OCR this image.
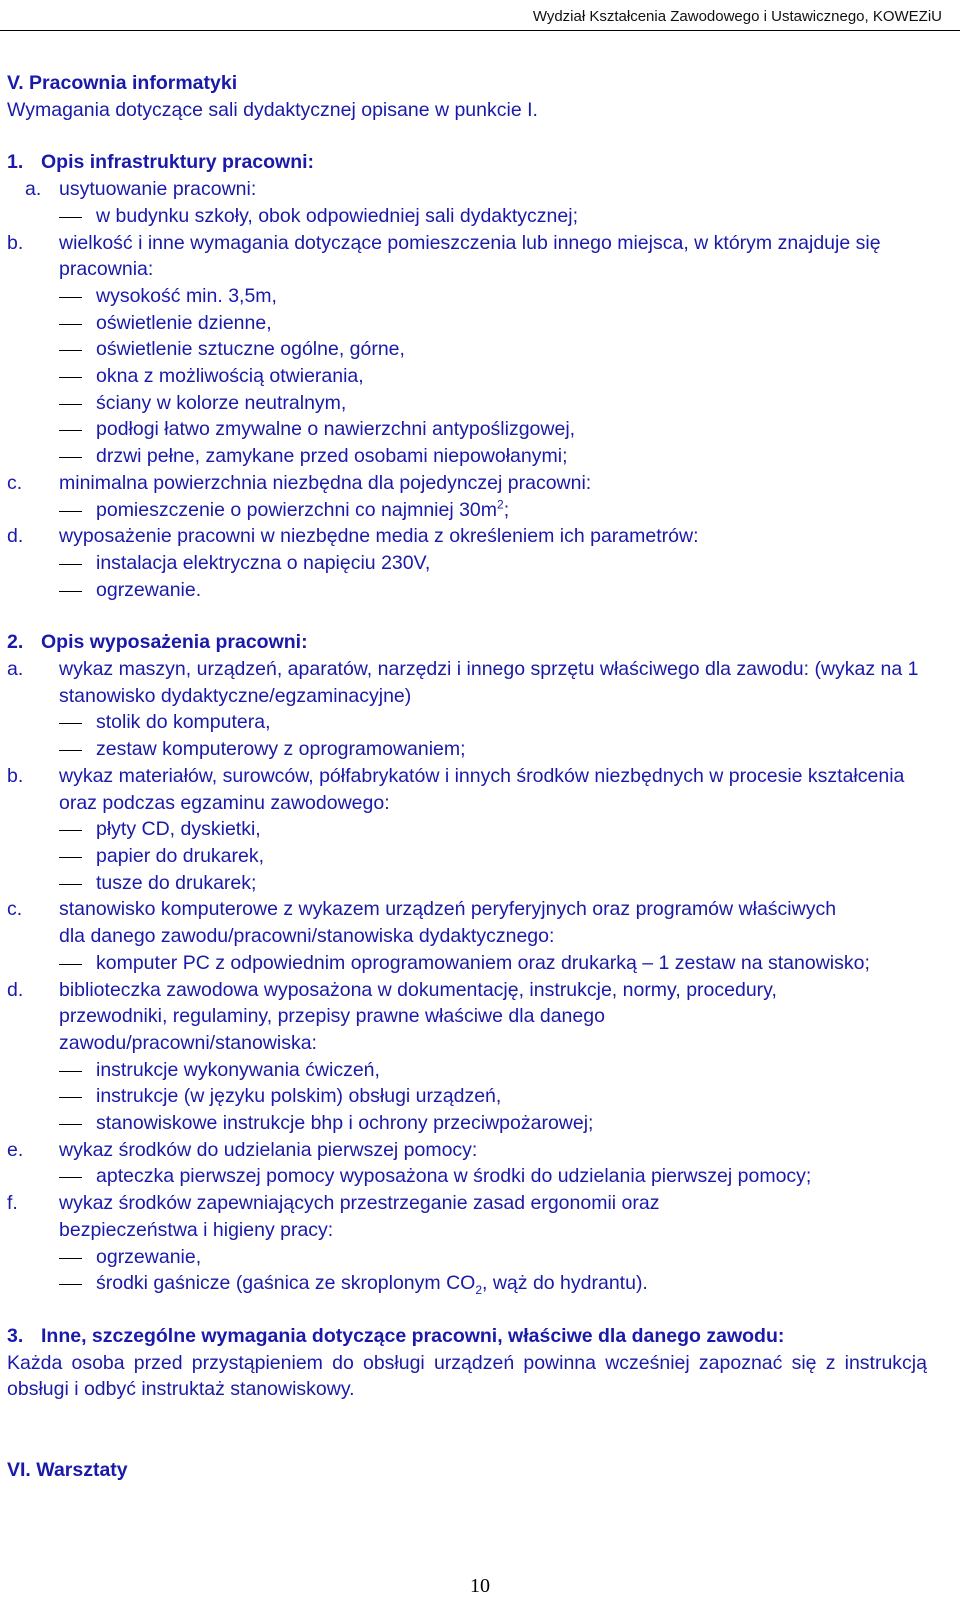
Wydział Kształcenia Zawodowego i Ustawicznego, KOWEZiU
V. Pracownia informatyki
Wymagania dotyczące sali dydaktycznej opisane w punkcie I.
1. Opis infrastruktury pracowni:
a. usytuowanie pracowni:
w budynku szkoły, obok odpowiedniej sali dydaktycznej;
b. wielkość i inne wymagania dotyczące pomieszczenia lub innego miejsca, w którym znajduje się pracownia:
wysokość min. 3,5m,
oświetlenie dzienne,
oświetlenie sztuczne ogólne, górne,
okna z możliwością otwierania,
ściany w kolorze neutralnym,
podłogi łatwo zmywalne o nawierzchni antypoślizgowej,
drzwi pełne, zamykane przed osobami niepowołanymi;
c. minimalna powierzchnia niezbędna dla pojedynczej pracowni:
pomieszczenie o powierzchni co najmniej $30m^2$;
d. wyposażenie pracowni w niezbędne media z określeniem ich parametrów:
instalacja elektryczna o napięciu 230V,
ogrzewanie.
2. Opis wyposażenia pracowni:
a. wykaz maszyn, urządzeń, aparatów, narzędzi i innego sprzętu właściwego dla zawodu: (wykaz na 1 stanowisko dydaktyczne/egzaminacyjne)
stolik do komputera,
zestaw komputerowy z oprogramowaniem;
b. wykaz materiałów, surowców, półfabrykatów i innych środków niezbędnych w procesie kształcenia oraz podczas egzaminu zawodowego:
płyty CD, dyskietki,
papier do drukarek,
tusze do drukarek;
c. stanowisko komputerowe z wykazem urządzeń peryferyjnych oraz programów właściwych dla danego zawodu/pracowni/stanowiska dydaktycznego:
komputer PC z odpowiednim oprogramowaniem oraz drukarką – 1 zestaw na stanowisko;
d. biblioteczka zawodowa wyposażona w dokumentację, instrukcje, normy, procedury, przewodniki, regulaminy, przepisy prawne właściwe dla danego zawodu/pracowni/stanowiska:
instrukcje wykonywania ćwiczeń,
instrukcje (w języku polskim) obsługi urządzeń,
stanowiskowe instrukcje bhp i ochrony przeciwpożarowej;
e. wykaz środków do udzielania pierwszej pomocy:
apteczka pierwszej pomocy wyposażona w środki do udzielania pierwszej pomocy;
f. wykaz środków zapewniających przestrzeganie zasad ergonomii oraz bezpieczeństwa i higieny pracy:
ogrzewanie,
środki gaśnicze (gaśnica ze skroplonym $CO_2$, wąż do hydrantu).
3. Inne, szczególne wymagania dotyczące pracowni, właściwe dla danego zawodu:
Każda osoba przed przystąpieniem do obsługi urządzeń powinna wcześniej zapoznać się z instrukcją obsługi i odbyć instruktaż stanowiskowy.
VI. Warsztaty
10
